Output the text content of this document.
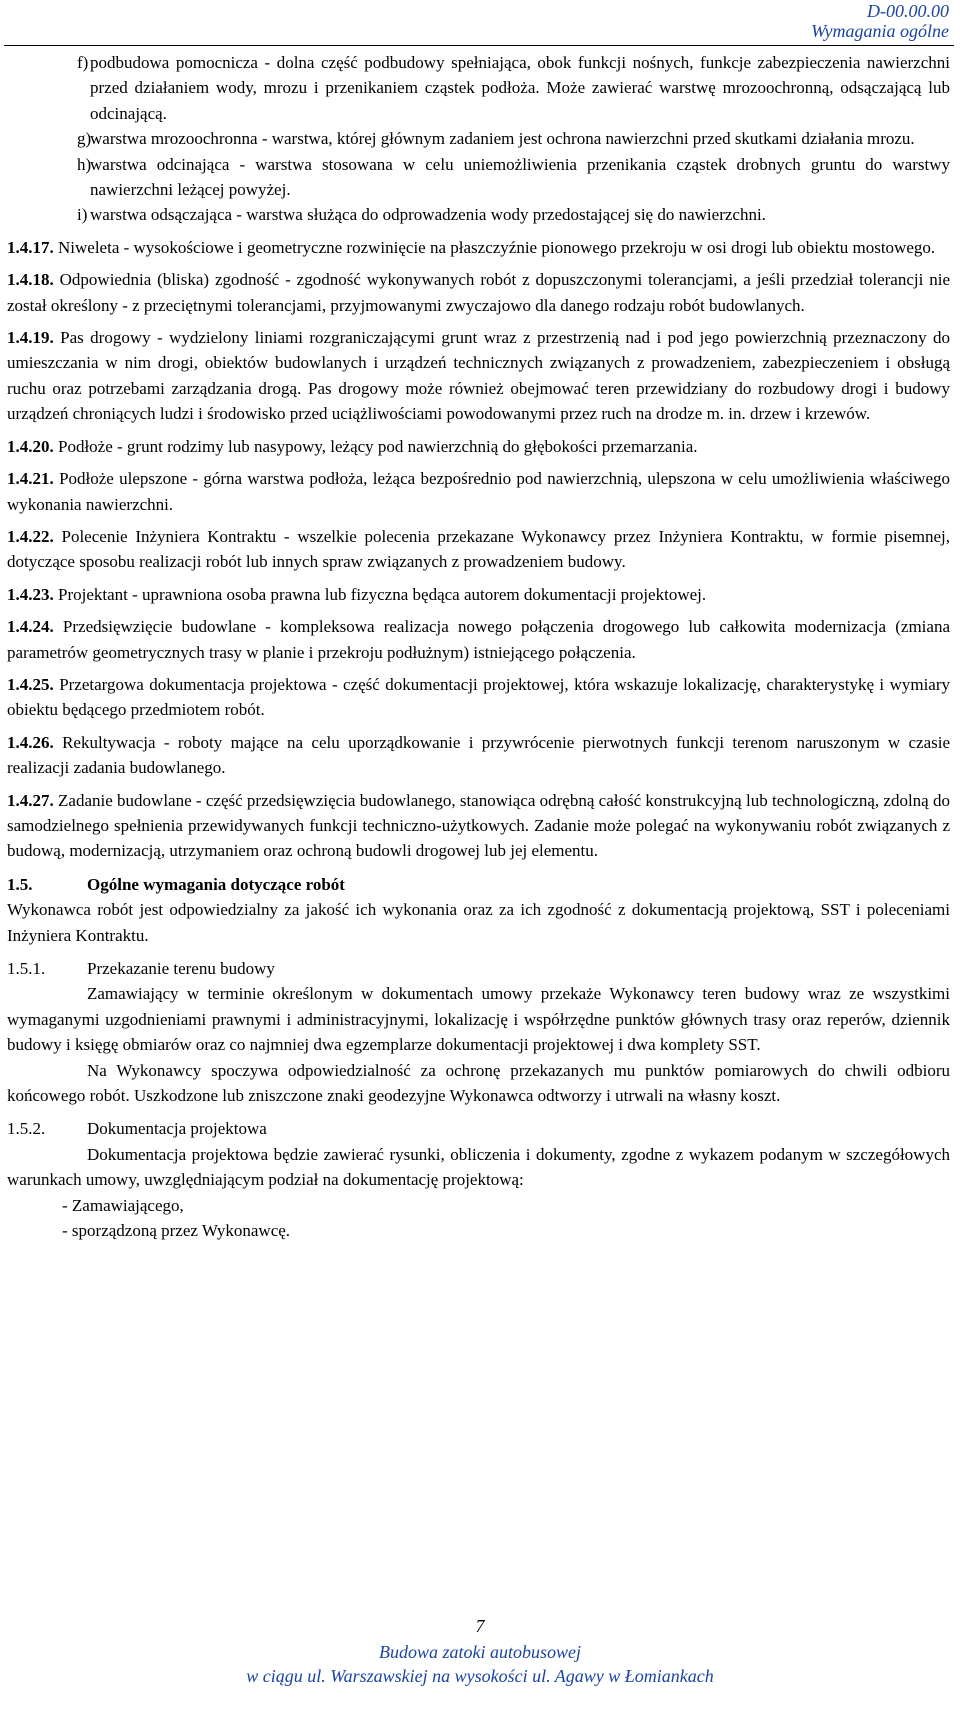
D-00.00.00
Wymagania ogólne
f) podbudowa pomocnicza - dolna część podbudowy spełniająca, obok funkcji nośnych, funkcje zabezpieczenia nawierzchni przed działaniem wody, mrozu i przenikaniem cząstek podłoża. Może zawierać warstwę mrozoochronną, odsączającą lub odcinającą.

g)

warstwa mrozoochronna - warstwa, której głównym zadaniem jest ochrona nawierzchni przed skutkami działania mrozu.

h)

warstwa odcinająca - warstwa stosowana w celu uniemożliwienia przenikania cząstek drobnych gruntu do warstwy nawierzchni leżącej powyżej.

i) warstwa odsączająca - warstwa służąca do odprowadzenia wody przedostającej się do nawierzchni.

1.4.17. Niweleta - wysokościowe i geometryczne rozwinięcie na płaszczyźnie pionowego przekroju w osi drogi lub obiektu mostowego.

1.4.18. Odpowiednia (bliska) zgodność - zgodność wykonywanych robót z dopuszczonymi tolerancjami, a jeśli przedział tolerancji nie został określony - z przeciętnymi tolerancjami, przyjmowanymi zwyczajowo dla danego rodzaju robót budowlanych.

1.4.19. Pas drogowy - wydzielony liniami rozgraniczającymi grunt wraz z przestrzenią nad i pod jego powierzchnią przeznaczony do umieszczania w nim drogi, obiektów budowlanych i urządzeń technicznych związanych z prowadzeniem, zabezpieczeniem i obsługą ruchu oraz potrzebami zarządzania drogą. Pas drogowy może również obejmować teren przewidziany do rozbudowy drogi i budowy urządzeń chroniących ludzi i środowisko przed uciążliwościami powodowanymi przez ruch na drodze m. in. drzew i krzewów.

1.4.20. Podłoże - grunt rodzimy lub nasypowy, leżący pod nawierzchnią do głębokości przemarzania.

1.4.21. Podłoże ulepszone - górna warstwa podłoża, leżąca bezpośrednio pod nawierzchnią, ulepszona w celu umożliwienia właściwego wykonania nawierzchni.

1.4.22. Polecenie Inżyniera Kontraktu - wszelkie polecenia przekazane Wykonawcy przez Inżyniera Kontraktu, w formie pisemnej, dotyczące sposobu realizacji robót lub innych spraw związanych z prowadzeniem budowy.

1.4.23. Projektant - uprawniona osoba prawna lub fizyczna będąca autorem dokumentacji projektowej.

1.4.24. Przedsięwzięcie budowlane - kompleksowa realizacja nowego połączenia drogowego lub całkowita modernizacja (zmiana parametrów geometrycznych trasy w planie i przekroju podłużnym) istniejącego połączenia.

1.4.25. Przetargowa dokumentacja projektowa - część dokumentacji projektowej, która wskazuje lokalizację, charakterystykę i wymiary obiektu będącego przedmiotem robót.

1.4.26. Rekultywacja - roboty mające na celu uporządkowanie i przywrócenie pierwotnych funkcji terenom naruszonym w czasie realizacji zadania budowlanego.

1.4.27. Zadanie budowlane - część przedsięwzięcia budowlanego, stanowiąca odrębną całość konstrukcyjną lub technologiczną, zdolną do samodzielnego spełnienia przewidywanych funkcji techniczno-użytkowych. Zadanie może polegać na wykonywaniu robót związanych z budową, modernizacją, utrzymaniem oraz ochroną budowli drogowej lub jej elementu.

1.5.	Ogólne wymagania dotyczące robót

Wykonawca robót jest odpowiedzialny za jakość ich wykonania oraz za ich zgodność z dokumentacją projektową, SST i poleceniami Inżyniera Kontraktu.

1.5.1. Przekazanie terenu budowy

Zamawiający w terminie określonym w dokumentach umowy przekaże Wykonawcy teren budowy wraz ze wszystkimi wymaganymi uzgodnieniami prawnymi i administracyjnymi, lokalizację i współrzędne punktów głównych trasy oraz reperów, dziennik budowy i księgę obmiarów oraz co najmniej dwa egzemplarze dokumentacji projektowej i dwa komplety SST.

Na Wykonawcy spoczywa odpowiedzialność za ochronę przekazanych mu punktów pomiarowych do chwili odbioru końcowego robót. Uszkodzone lub zniszczone znaki geodezyjne Wykonawca odtworzy i utrwali na własny koszt.

1.5.2. Dokumentacja projektowa

Dokumentacja projektowa będzie zawierać rysunki, obliczenia i dokumenty, zgodne z wykazem podanym w szczegółowych warunkach umowy, uwzględniającym podział na dokumentację projektową:

- Zamawiającego,

- sporządzoną przez Wykonawcę.

7
Budowa zatoki autobusowej
w ciągu ul. Warszawskiej na wysokości ul. Agawy w Łomiankach
